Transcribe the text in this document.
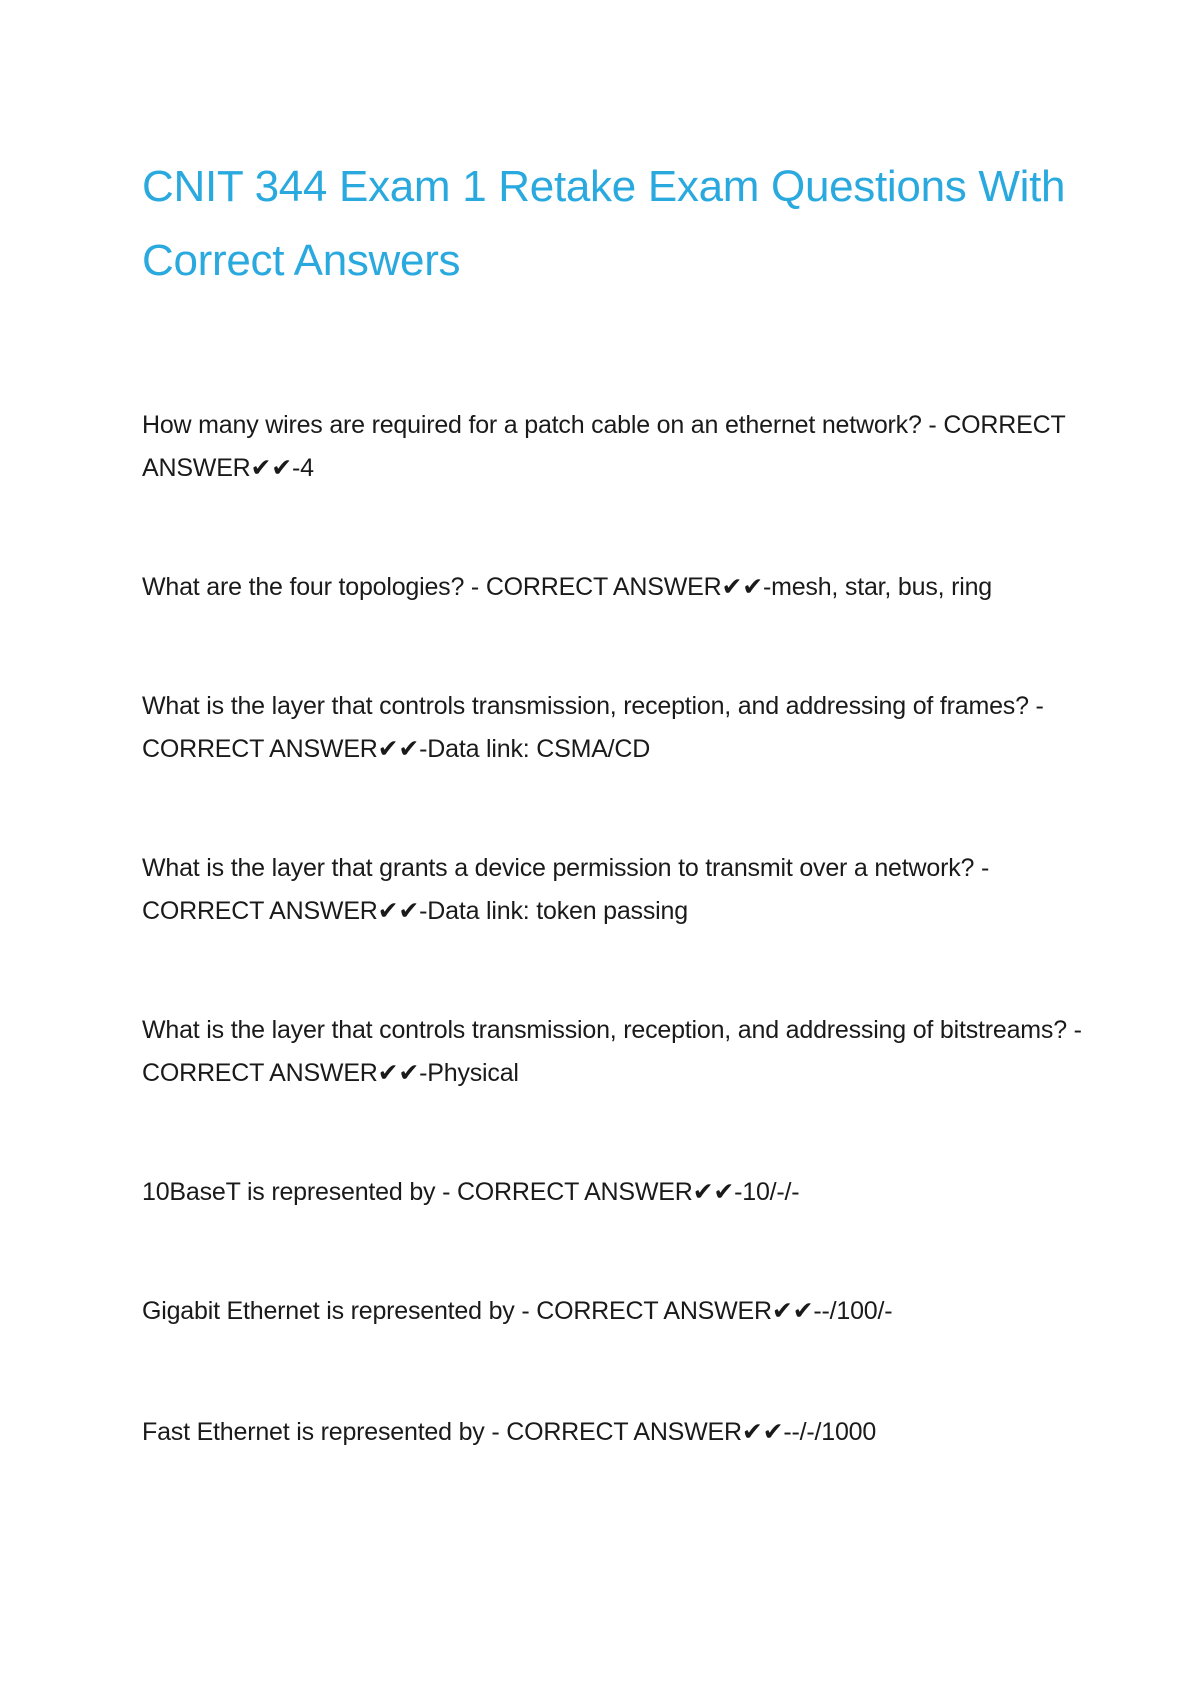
CNIT 344 Exam 1 Retake Exam Questions With Correct Answers

How many wires are required for a patch cable on an ethernet network? - CORRECT ANSWER✔✔-4

What are the four topologies? - CORRECT ANSWER✔✔-mesh, star, bus, ring

What is the layer that controls transmission, reception, and addressing of frames? - CORRECT ANSWER✔✔-Data link: CSMA/CD

What is the layer that grants a device permission to transmit over a network? - CORRECT ANSWER✔✔-Data link: token passing

What is the layer that controls transmission, reception, and addressing of bitstreams? - CORRECT ANSWER✔✔-Physical

10BaseT is represented by - CORRECT ANSWER✔✔-10/-/-

Gigabit Ethernet is represented by - CORRECT ANSWER✔✔--/100/-

Fast Ethernet is represented by - CORRECT ANSWER✔✔--/-/1000
